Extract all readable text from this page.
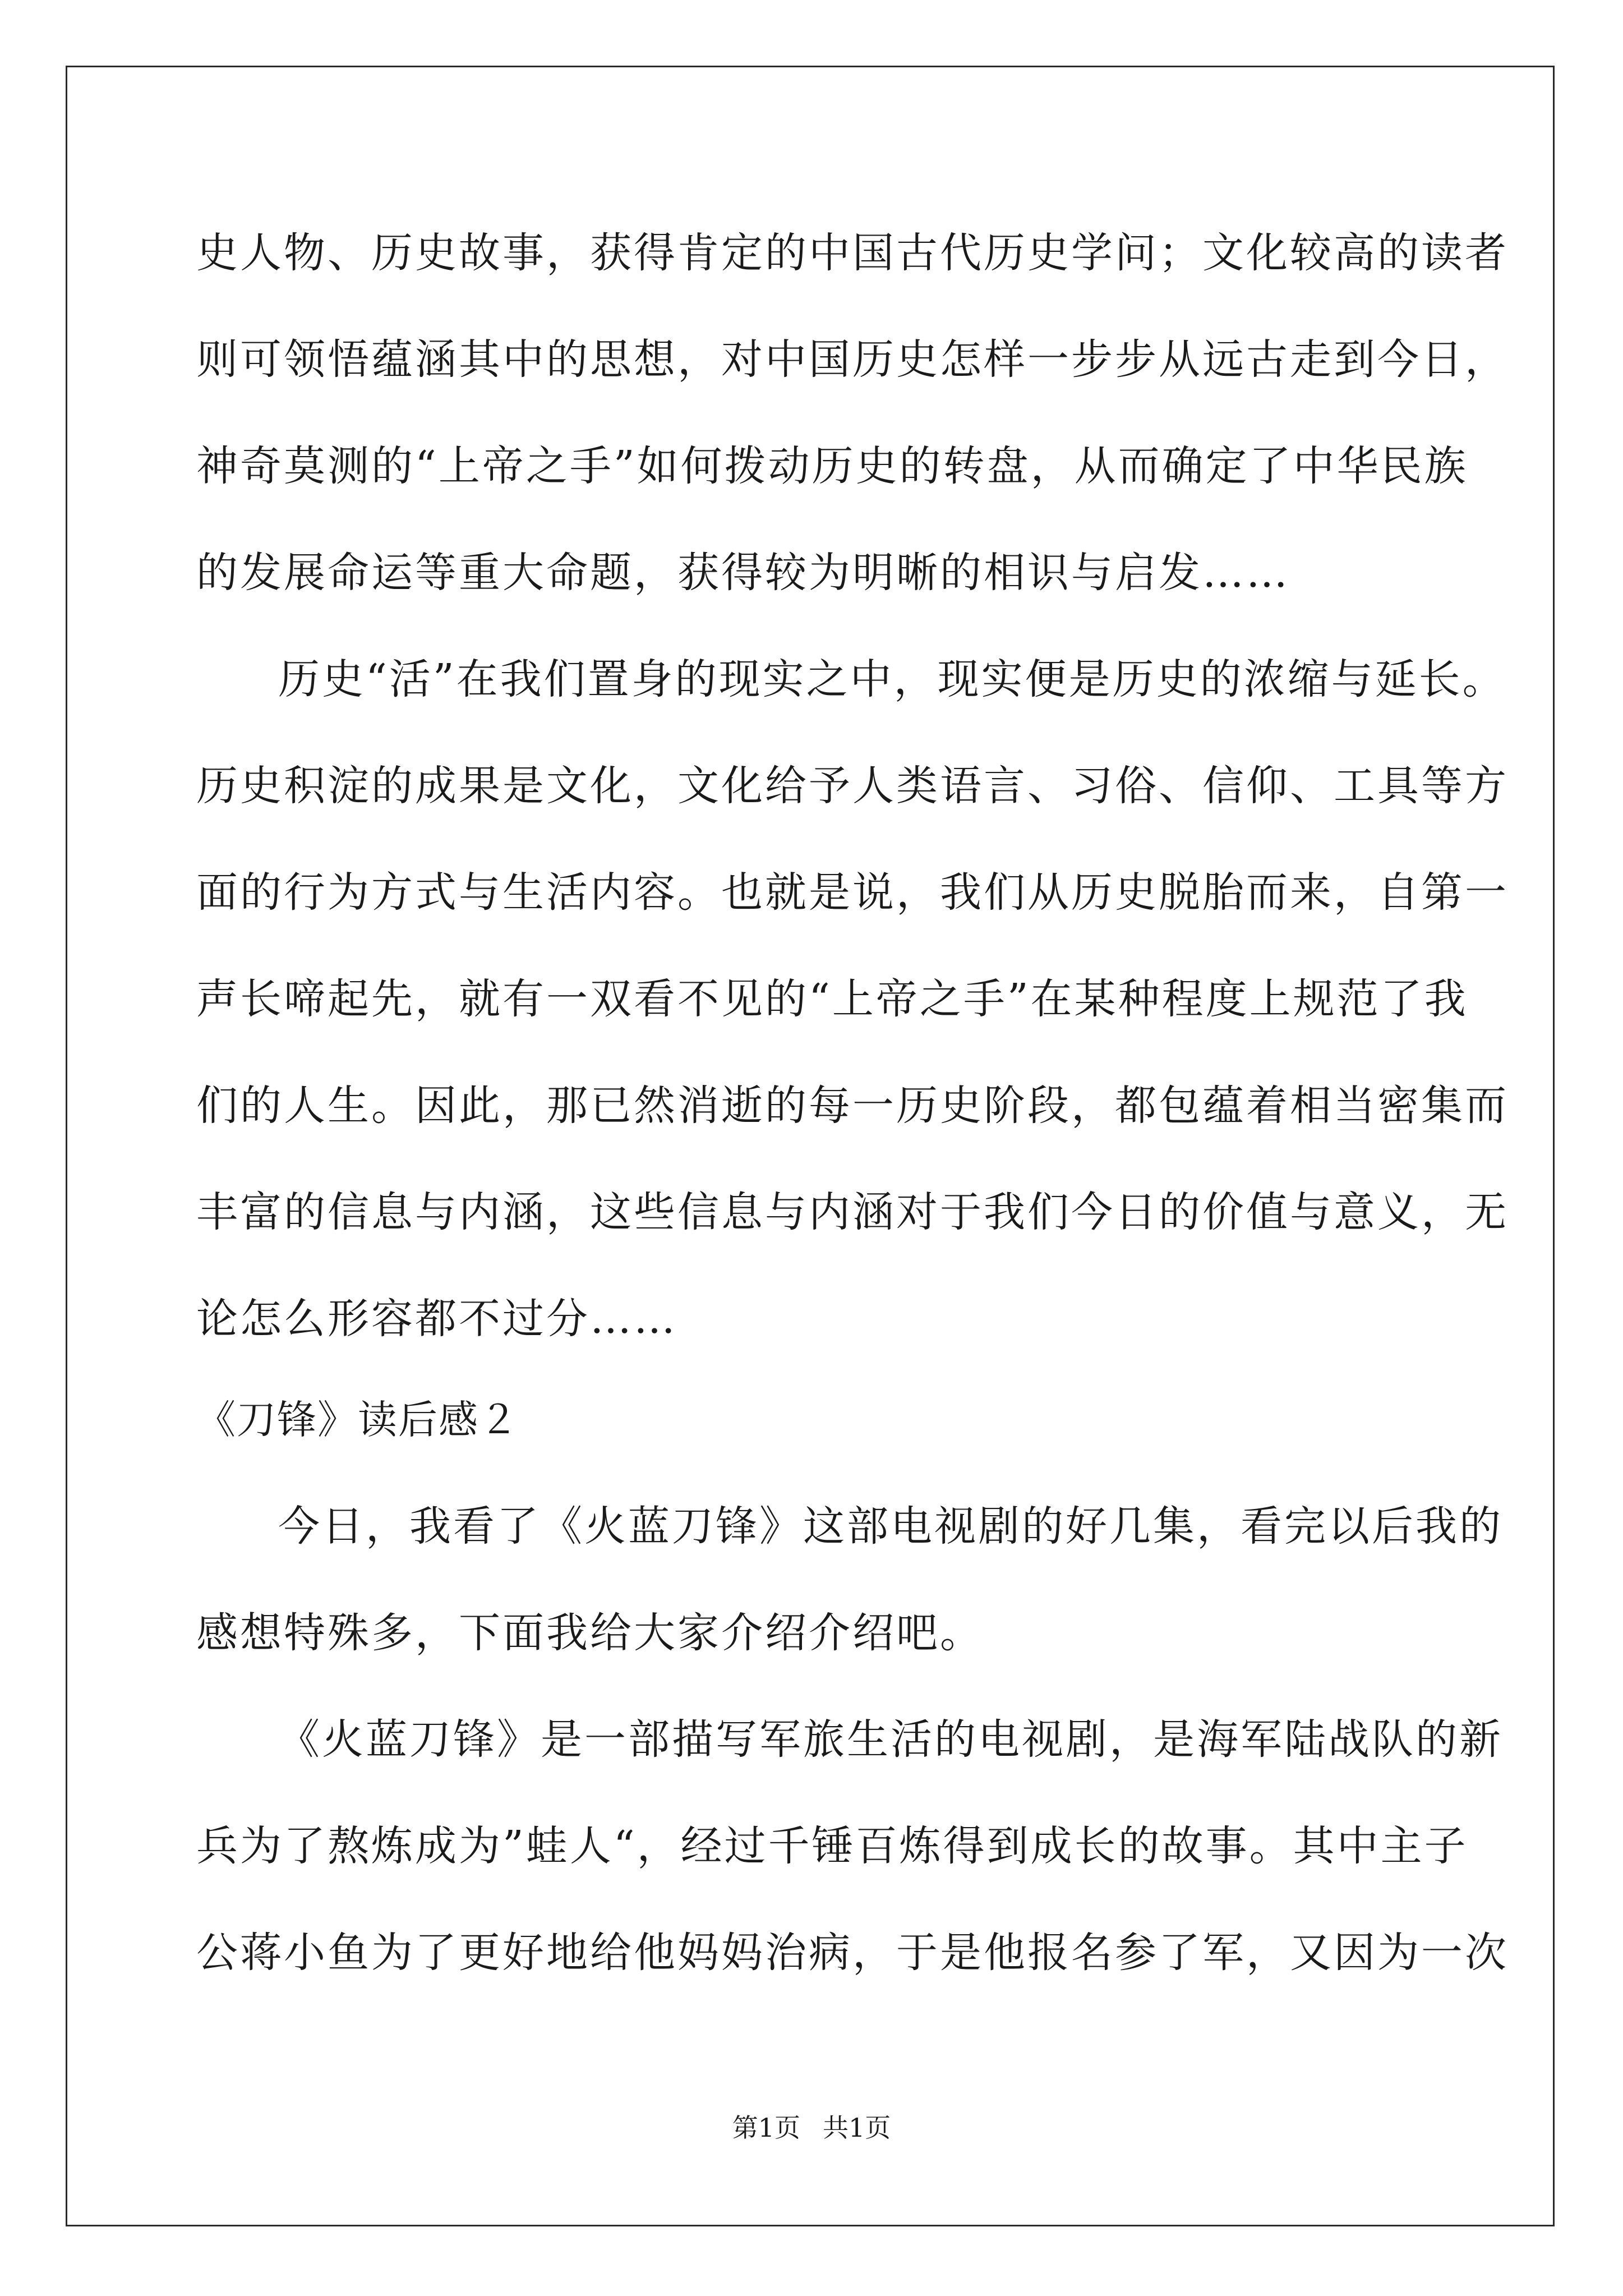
史人物、历史故事，获得肯定的中国古代历史学问；文化较高的读者
则可领悟蕴涵其中的思想，对中国历史怎样一步步从远古走到今日，
神奇莫测的“上帝之手”如何拨动历史的转盘，从而确定了中华民族
的发展命运等重大命题，获得较为明晰的相识与启发……
历史“活”在我们置身的现实之中，现实便是历史的浓缩与延长。
历史积淀的成果是文化，文化给予人类语言、习俗、信仰、工具等方
面的行为方式与生活内容。也就是说，我们从历史脱胎而来，自第一
声长啼起先，就有一双看不见的“上帝之手”在某种程度上规范了我
们的人生。因此，那已然消逝的每一历史阶段，都包蕴着相当密集而
丰富的信息与内涵，这些信息与内涵对于我们今日的价值与意义，无
论怎么形容都不过分……
《刀锋》读后感２
今日，我看了《火蓝刀锋》这部电视剧的好几集，看完以后我的
感想特殊多，下面我给大家介绍介绍吧。
《火蓝刀锋》是一部描写军旅生活的电视剧，是海军陆战队的新
兵为了熬炼成为”蛙人“，经过千锤百炼得到成长的故事。其中主子
公蒋小鱼为了更好地给他妈妈治病，于是他报名参了军，又因为一次
第1页 共1页
